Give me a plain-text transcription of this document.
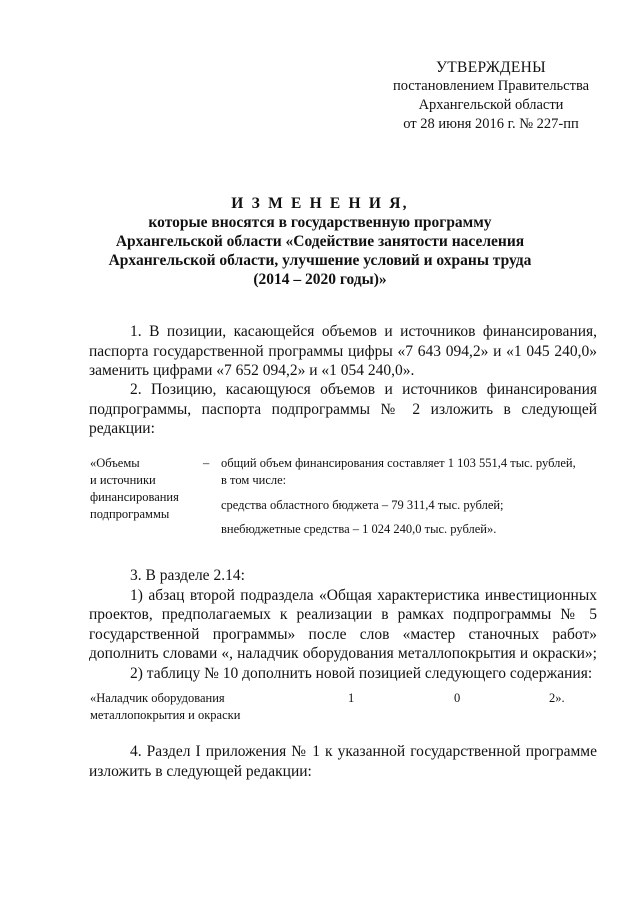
УТВЕРЖДЕНЫ
постановлением Правительства
Архангельской области
от 28 июня 2016 г. № 227-пп
И З М Е Н Е Н И Я,
которые вносятся в государственную программу
Архангельской области «Содействие занятости населения
Архангельской области, улучшение условий и охраны труда
(2014 – 2020 годы)»
1. В позиции, касающейся объемов и источников финансирования,
паспорта государственной программы цифры «7 643 094,2» и «1 045 240,0»
заменить цифрами «7 652 094,2» и «1 054 240,0».
2. Позицию, касающуюся объемов и источников финансирования
подпрограммы, паспорта подпрограммы № 2 изложить в следующей
редакции:
«Объемы
и источники
финансирования
подпрограммы
– общий объем финансирования составляет 1 103 551,4 тыс. рублей,
в том числе:
средства областного бюджета – 79 311,4 тыс. рублей;
внебюджетные средства – 1 024 240,0 тыс. рублей».
3. В разделе 2.14:
1) абзац второй подраздела «Общая характеристика инвестиционных
проектов, предполагаемых к реализации в рамках подпрограммы № 5
государственной программы» после слов «мастер станочных работ»
дополнить словами «, наладчик оборудования металлопокрытия и окраски»;
2) таблицу № 10 дополнить новой позицией следующего содержания:
«Наладчик оборудования
металлопокрытия и окраски
1	0	2».
4. Раздел I приложения № 1 к указанной государственной программе
изложить в следующей редакции:
